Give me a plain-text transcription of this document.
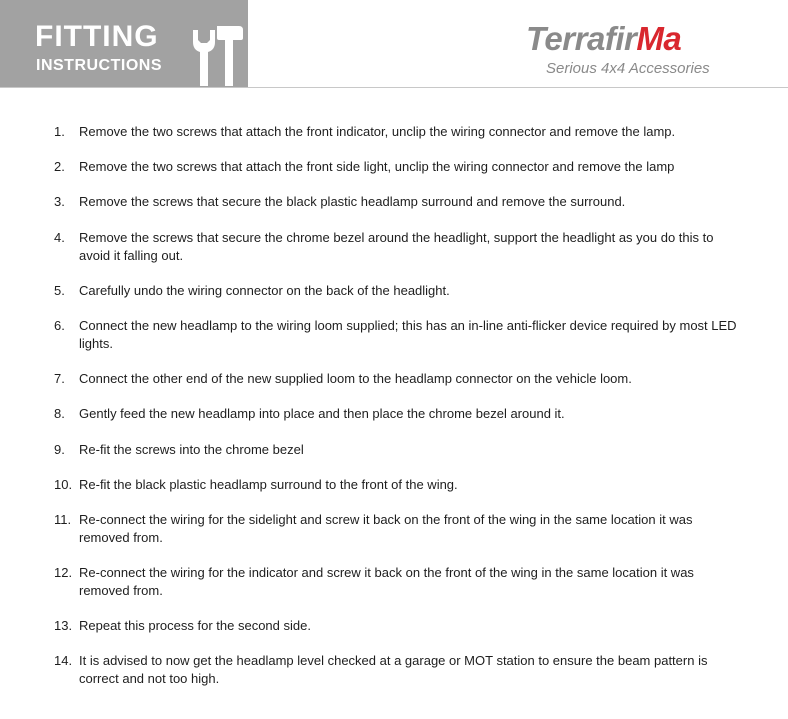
FITTING
INSTRUCTIONS
TerrafirMa
Serious 4x4 Accessories
1. Remove the two screws that attach the front indicator, unclip the wiring connector and remove the lamp.
2. Remove the two screws that attach the front side light, unclip the wiring connector and remove the lamp
3. Remove the screws that secure the black plastic headlamp surround and remove the surround.
4. Remove the screws that secure the chrome bezel around the headlight, support the headlight as you do this to avoid it falling out.
5. Carefully undo the wiring connector on the back of the headlight.
6. Connect the new headlamp to the wiring loom supplied; this has an in-line anti-flicker device required by most LED lights.
7. Connect the other end of the new supplied loom to the headlamp connector on the vehicle loom.
8. Gently feed the new headlamp into place and then place the chrome bezel around it.
9. Re-fit the screws into the chrome bezel
10. Re-fit the black plastic headlamp surround to the front of the wing.
11. Re-connect the wiring for the sidelight and screw it back on the front of the wing in the same location it was removed from.
12. Re-connect the wiring for the indicator and screw it back on the front of the wing in the same location it was removed from.
13. Repeat this process for the second side.
14. It is advised to now get the headlamp level checked at a garage or MOT station to ensure the beam pattern is correct and not too high.
